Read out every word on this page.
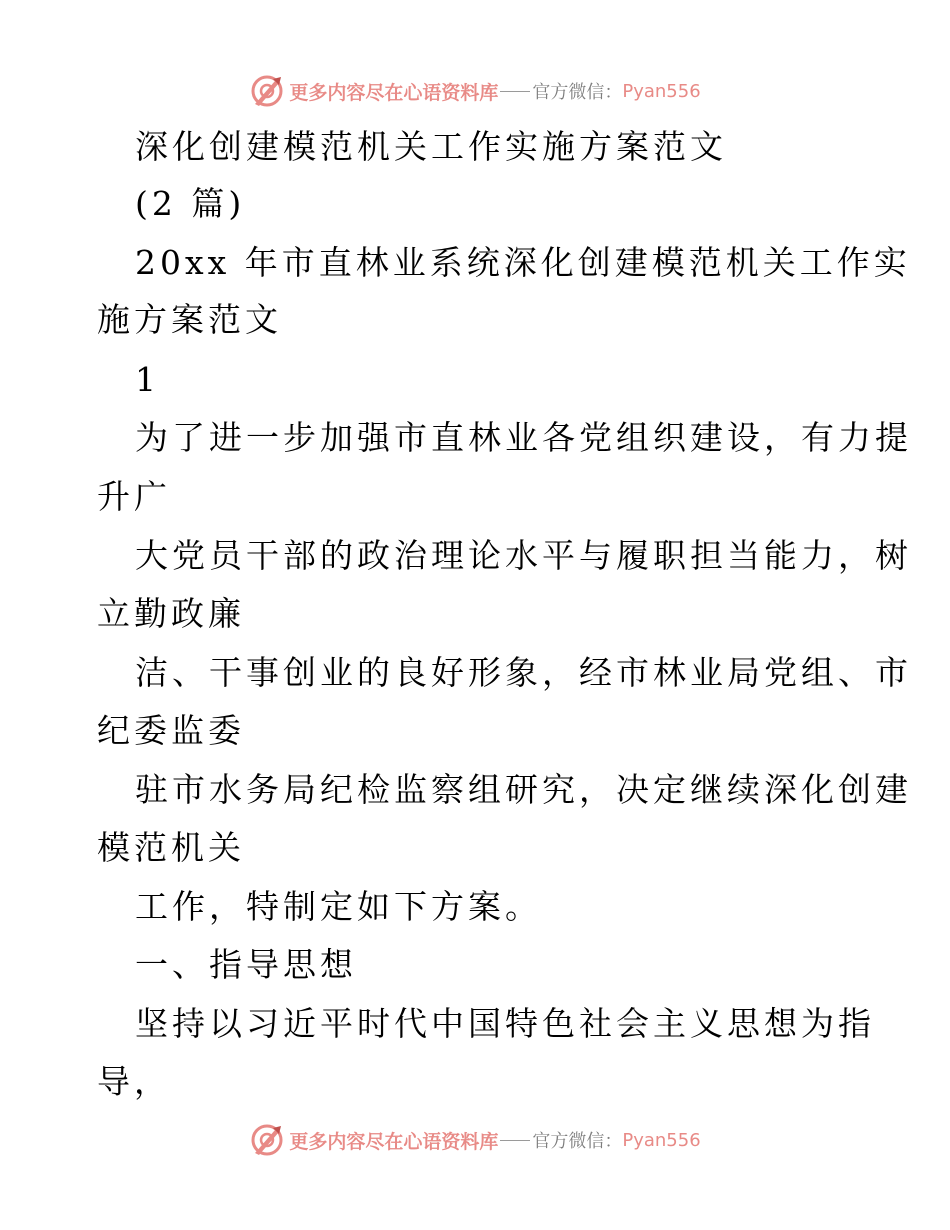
更多内容尽在心语资料库 官方微信： Pyan556
深化创建模范机关工作实施方案范文
(2 篇)
20xx 年市直林业系统深化创建模范机关工作实
施方案范文
1
为了进一步加强市直林业各党组织建设，有力提
升广
大党员干部的政治理论水平与履职担当能力，树
立勤政廉
洁、干事创业的良好形象，经市林业局党组、市
纪委监委
驻市水务局纪检监察组研究，决定继续深化创建
模范机关
工作，特制定如下方案。
一、指导思想
坚持以习近平时代中国特色社会主义思想为指
导，
更多内容尽在心语资料库 官方微信： Pyan556
